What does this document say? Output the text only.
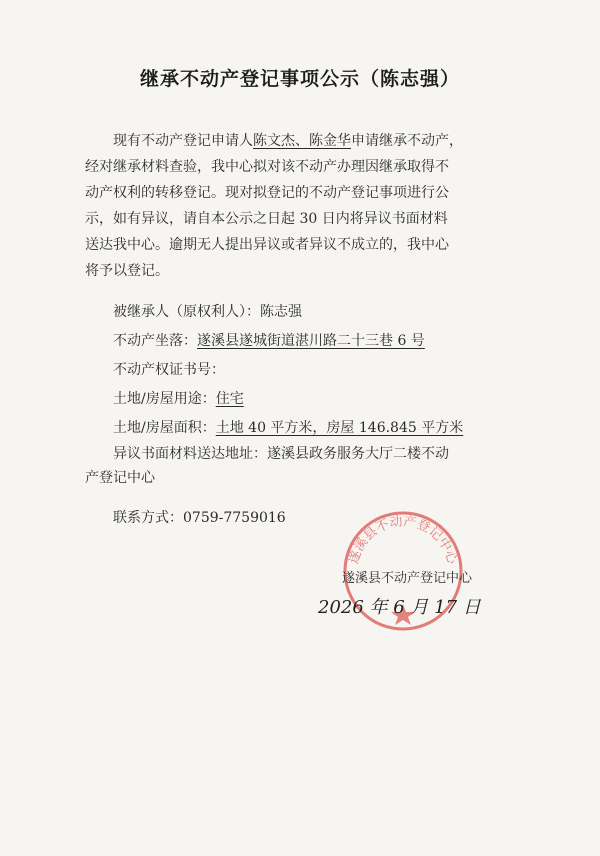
继承不动产登记事项公示（陈志强）
现有不动产登记申请人陈文杰、陈金华申请继承不动产，
经对继承材料查验，我中心拟对该不动产办理因继承取得不
动产权利的转移登记。现对拟登记的不动产登记事项进行公
示，如有异议，请自本公示之日起 30 日内将异议书面材料
送达我中心。逾期无人提出异议或者异议不成立的，我中心
将予以登记。
被继承人（原权利人）：陈志强
不动产坐落：遂溪县遂城街道湛川路二十三巷 6 号
不动产权证书号：
土地/房屋用途：住宅
土地/房屋面积：土地 40 平方米，房屋 146.845 平方米
异议书面材料送达地址：遂溪县政务服务大厅二楼不动
产登记中心
联系方式：0759-7759016
遂溪县不动产登记中心
遂溪县不动产登记中心
2026 年 6 月 17 日
